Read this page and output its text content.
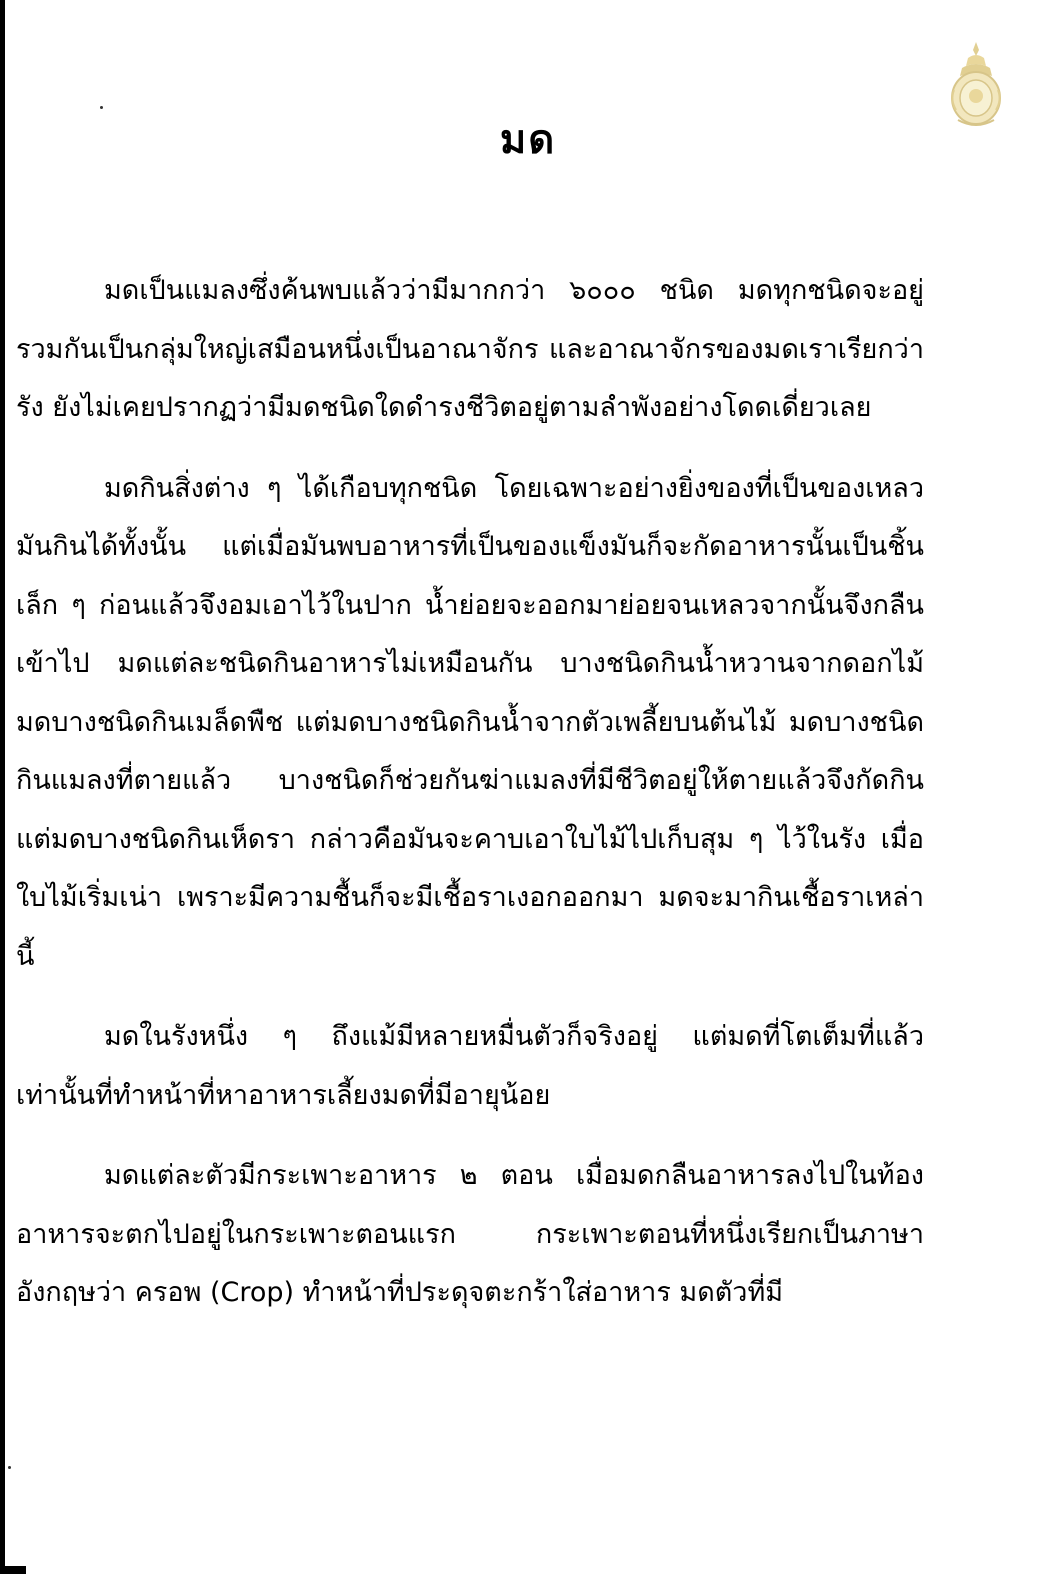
มด

มดเป็นแมลงซึ่งค้นพบแล้วว่ามีมากกว่า ๖๐๐๐ ชนิด มดทุกชนิดจะอยู่รวมกันเป็นกลุ่มใหญ่เสมือนหนึ่งเป็นอาณาจักร และอาณาจักรของมดเราเรียกว่ารัง ยังไม่เคยปรากฏว่ามีมดชนิดใดดำรงชีวิตอยู่ตามลำพังอย่างโดดเดี่ยวเลย

มดกินสิ่งต่าง ๆ ได้เกือบทุกชนิด โดยเฉพาะอย่างยิ่งของที่เป็นของเหลว มันกินได้ทั้งนั้น แต่เมื่อมันพบอาหารที่เป็นของแข็งมันก็จะกัดอาหารนั้นเป็นชิ้นเล็ก ๆ ก่อนแล้วจึงอมเอาไว้ในปาก น้ำย่อยจะออกมาย่อยจนเหลวจากนั้นจึงกลืนเข้าไป มดแต่ละชนิดกินอาหารไม่เหมือนกัน บางชนิดกินน้ำหวานจากดอกไม้ มดบางชนิดกินเมล็ดพืช แต่มดบางชนิดกินน้ำจากตัวเพลี้ยบนต้นไม้ มดบางชนิดกินแมลงที่ตายแล้ว บางชนิดก็ช่วยกันฆ่าแมลงที่มีชีวิตอยู่ให้ตายแล้วจึงกัดกิน แต่มดบางชนิดกินเห็ดรา กล่าวคือมันจะคาบเอาใบไม้ไปเก็บสุม ๆ ไว้ในรัง เมื่อใบไม้เริ่มเน่า เพราะมีความชื้นก็จะมีเชื้อราเงอกออกมา มดจะมากินเชื้อราเหล่านี้

มดในรังหนึ่ง ๆ ถึงแม้มีหลายหมื่นตัวก็จริงอยู่ แต่มดที่โตเต็มที่แล้วเท่านั้นที่ทำหน้าที่หาอาหารเลี้ยงมดที่มีอายุน้อย

มดแต่ละตัวมีกระเพาะอาหาร ๒ ตอน เมื่อมดกลืนอาหารลงไปในท้อง อาหารจะตกไปอยู่ในกระเพาะตอนแรก กระเพาะตอนที่หนึ่งเรียกเป็นภาษาอังกฤษว่า ครอพ (Crop) ทำหน้าที่ประดุจตะกร้าใส่อาหาร มดตัวที่มี
